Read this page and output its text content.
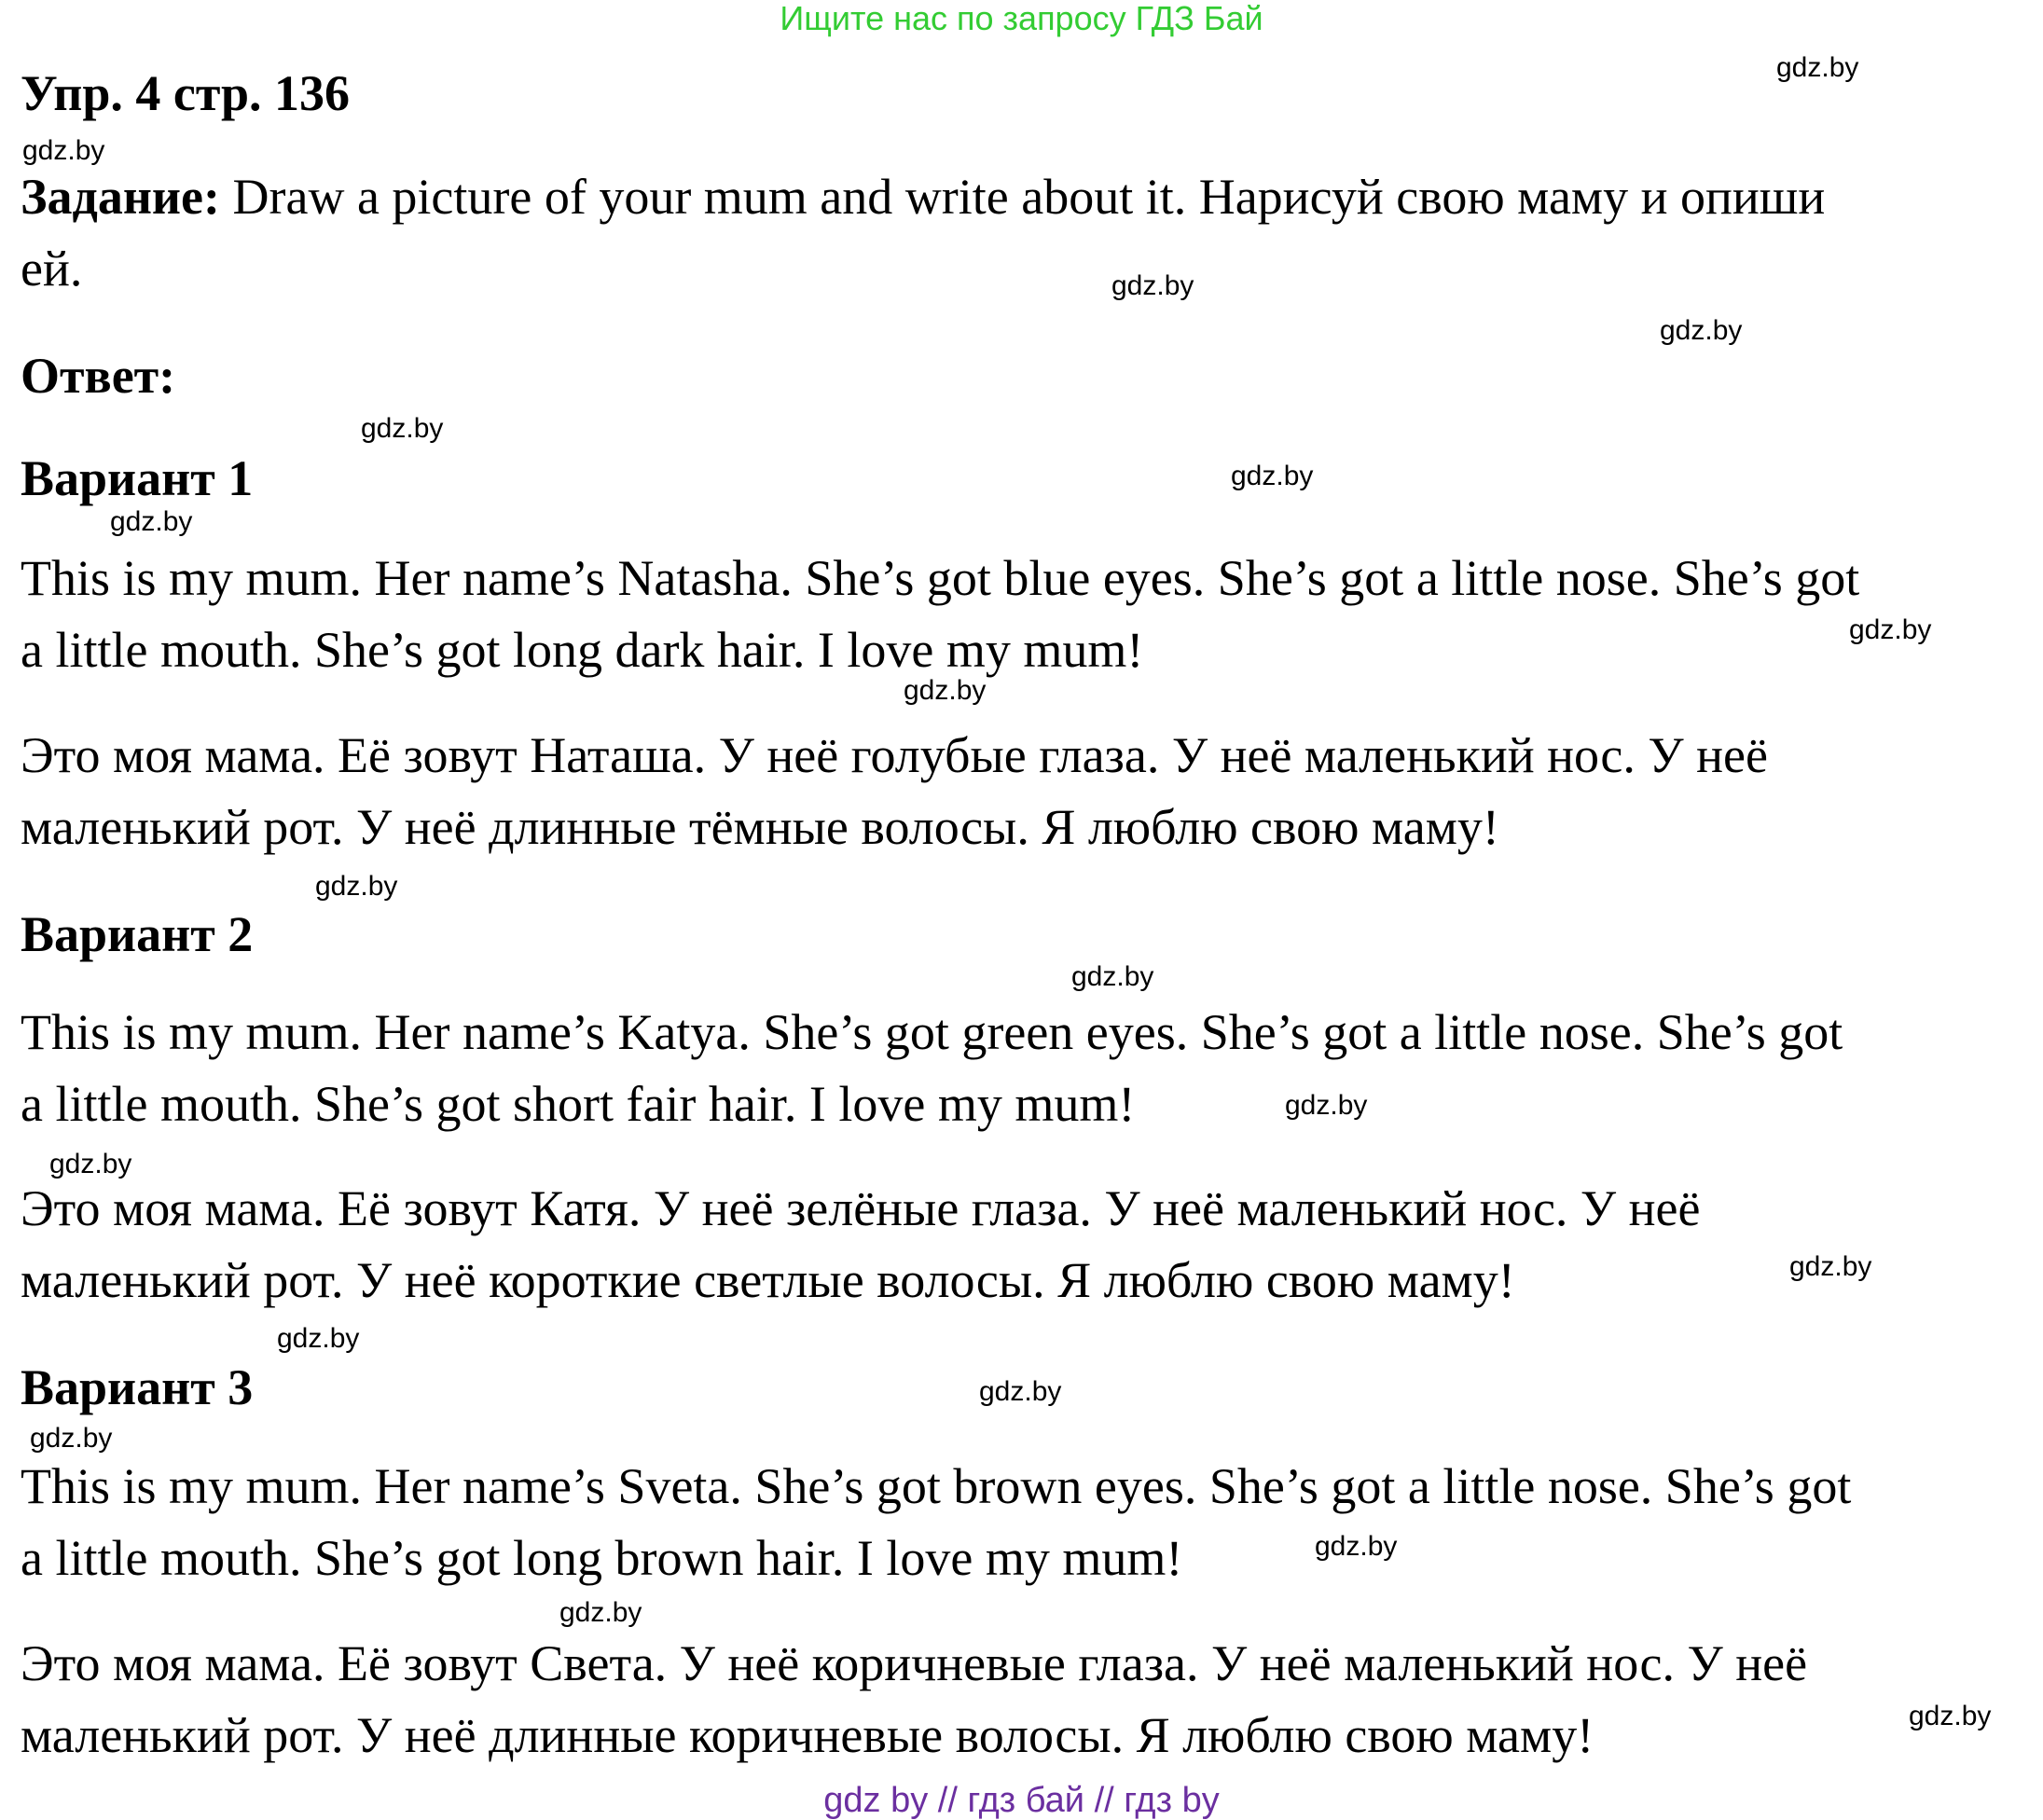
Ищите нас по запросу ГДЗ Бай
Упр. 4 стр. 136
Задание: Draw a picture of your mum and write about it. Нарисуй свою маму и опиши
ей.
Ответ:
Вариант 1
This is my mum. Her name’s Natasha. She’s got blue eyes. She’s got a little nose. She’s got
a little mouth. She’s got long dark hair. I love my mum!
Это моя мама. Её зовут Наташа. У неё голубые глаза. У неё маленький нос. У неё
маленький рот. У неё длинные тёмные волосы. Я люблю свою маму!
Вариант 2
This is my mum. Her name’s Katya. She’s got green eyes. She’s got a little nose. She’s got
a little mouth. She’s got short fair hair. I love my mum!
Это моя мама. Её зовут Катя. У неё зелёные глаза. У неё маленький нос. У неё
маленький рот. У неё короткие светлые волосы. Я люблю свою маму!
Вариант 3
This is my mum. Her name’s Sveta. She’s got brown eyes. She’s got a little nose. She’s got
a little mouth. She’s got long brown hair. I love my mum!
Это моя мама. Её зовут Света. У неё коричневые глаза. У неё маленький нос. У неё
маленький рот. У неё длинные коричневые волосы. Я люблю свою маму!
gdz.by
gdz.by
gdz.by
gdz.by
gdz.by
gdz.by
gdz.by
gdz.by
gdz.by
gdz.by
gdz.by
gdz.by
gdz.by
gdz.by
gdz.by
gdz.by
gdz.by
gdz.by
gdz.by
gdz.by
gdz by // гдз бай // гдз by
